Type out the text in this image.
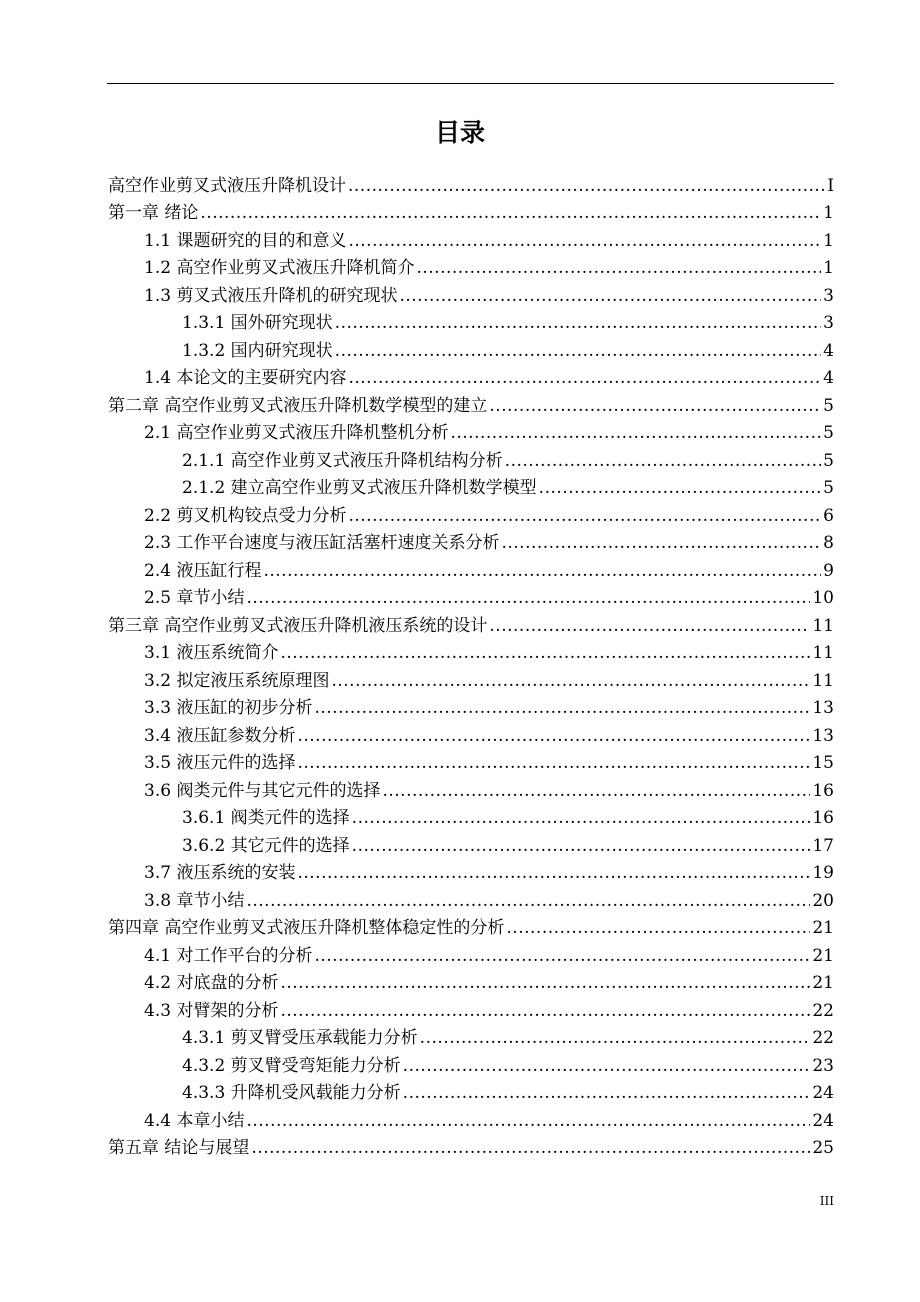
目录
高空作业剪叉式液压升降机设计 .....	I
第一章 绪论 .....	1
1.1 课题研究的目的和意义 .....	1
1.2 高空作业剪叉式液压升降机简介 .....	1
1.3 剪叉式液压升降机的研究现状 .....	3
1.3.1 国外研究现状 .....	3
1.3.2 国内研究现状 .....	4
1.4 本论文的主要研究内容 .....	4
第二章 高空作业剪叉式液压升降机数学模型的建立 .....	5
2.1 高空作业剪叉式液压升降机整机分析 .....	5
2.1.1 高空作业剪叉式液压升降机结构分析 .....	5
2.1.2 建立高空作业剪叉式液压升降机数学模型 .....	5
2.2 剪叉机构铰点受力分析 .....	6
2.3 工作平台速度与液压缸活塞杆速度关系分析 .....	8
2.4 液压缸行程 .....	9
2.5 章节小结 .....	10
第三章 高空作业剪叉式液压升降机液压系统的设计 .....	11
3.1 液压系统简介 .....	11
3.2 拟定液压系统原理图 .....	11
3.3 液压缸的初步分析 .....	13
3.4 液压缸参数分析 .....	13
3.5 液压元件的选择 .....	15
3.6 阀类元件与其它元件的选择 .....	16
3.6.1 阀类元件的选择 .....	16
3.6.2 其它元件的选择 .....	17
3.7 液压系统的安装 .....	19
3.8 章节小结 .....	20
第四章 高空作业剪叉式液压升降机整体稳定性的分析 .....	21
4.1 对工作平台的分析 .....	21
4.2 对底盘的分析 .....	21
4.3 对臂架的分析 .....	22
4.3.1 剪叉臂受压承载能力分析 .....	22
4.3.2 剪叉臂受弯矩能力分析 .....	23
4.3.3 升降机受风载能力分析 .....	24
4.4 本章小结 .....	24
第五章 结论与展望 .....	25
III
